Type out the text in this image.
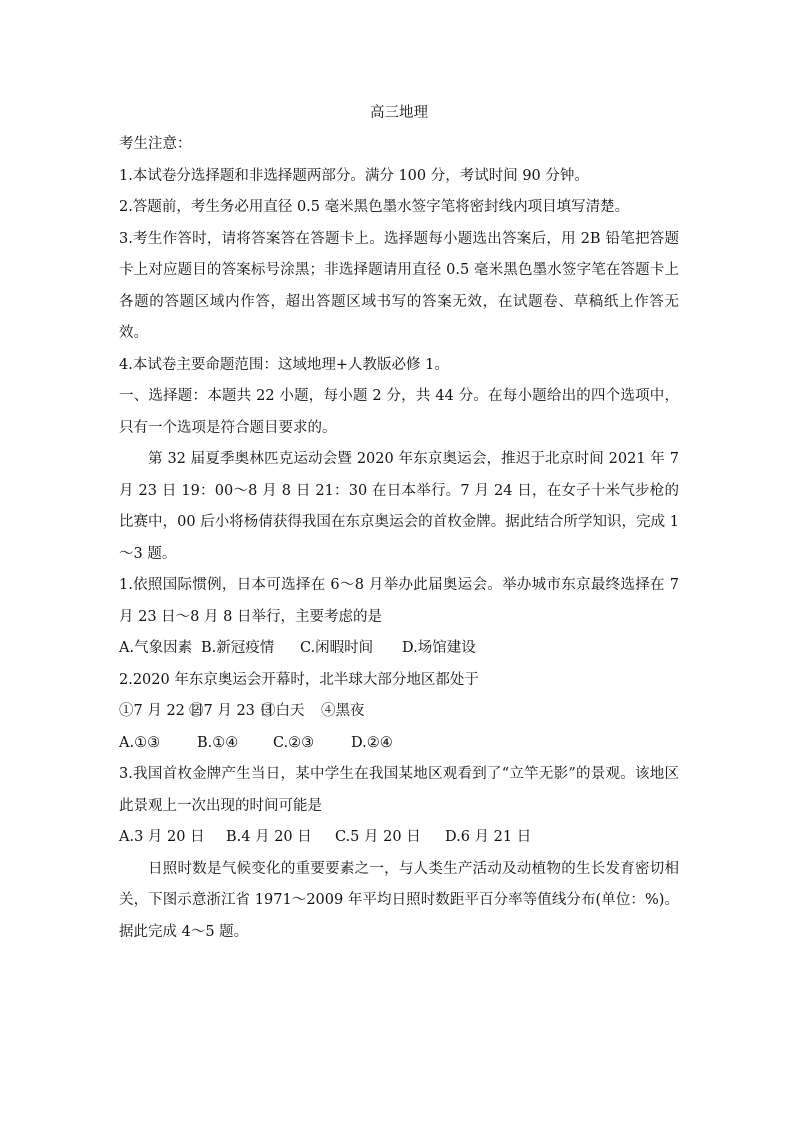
高三地理

考生注意：

1.本试卷分选择题和非选择题两部分。满分 100 分，考试时间 90 分钟。

2.答题前，考生务必用直径 0.5 毫米黑色墨水签字笔将密封线内项目填写清楚。

3.考生作答时，请将答案答在答题卡上。选择题每小题选出答案后，用 2B 铅笔把答题卡上对应题目的答案标号涂黑；非选择题请用直径 0.5 毫米黑色墨水签字笔在答题卡上各题的答题区域内作答，超出答题区域书写的答案无效，在试题卷、草稿纸上作答无效。

4.本试卷主要命题范围：这域地理+人教版必修 1。

一、选择题：本题共 22 小题，每小题 2 分，共 44 分。在每小题给出的四个选项中，只有一个选项是符合题目要求的。

第 32 届夏季奥林匹克运动会暨 2020 年东京奥运会，推迟于北京时间 2021 年 7 月 23 日 19：00～8 月 8 日 21：30 在日本举行。7 月 24 日，在女子十米气步枪的比赛中，00 后小将杨倩获得我国在东京奥运会的首枚金牌。据此结合所学知识，完成 1～3 题。

1.依照国际惯例，日本可选择在 6～8 月举办此届奥运会。举办城市东京最终选择在 7 月 23 日～8 月 8 日举行，主要考虑的是

A.气象因素 B.新冠疫情	C.闲暇时间	D.场馆建设

2.2020 年东京奥运会开幕时，北半球大部分地区都处于

①7 月 22 日
②7 月 23 日
③白天	④黑夜
A.①③	B.①④	C.②③	D.②④

3.我国首枚金牌产生当日，某中学生在我国某地区观看到了“立竿无影”的景观。该地区此景观上一次出现的时间可能是

A.3 月 20 日	B.4 月 20 日	C.5 月 20 日	D.6 月 21 日

日照时数是气候变化的重要要素之一，与人类生产活动及动植物的生长发育密切相关，下图示意浙江省 1971～2009 年平均日照时数距平百分率等值线分布(单位：%)。据此完成 4～5 题。
